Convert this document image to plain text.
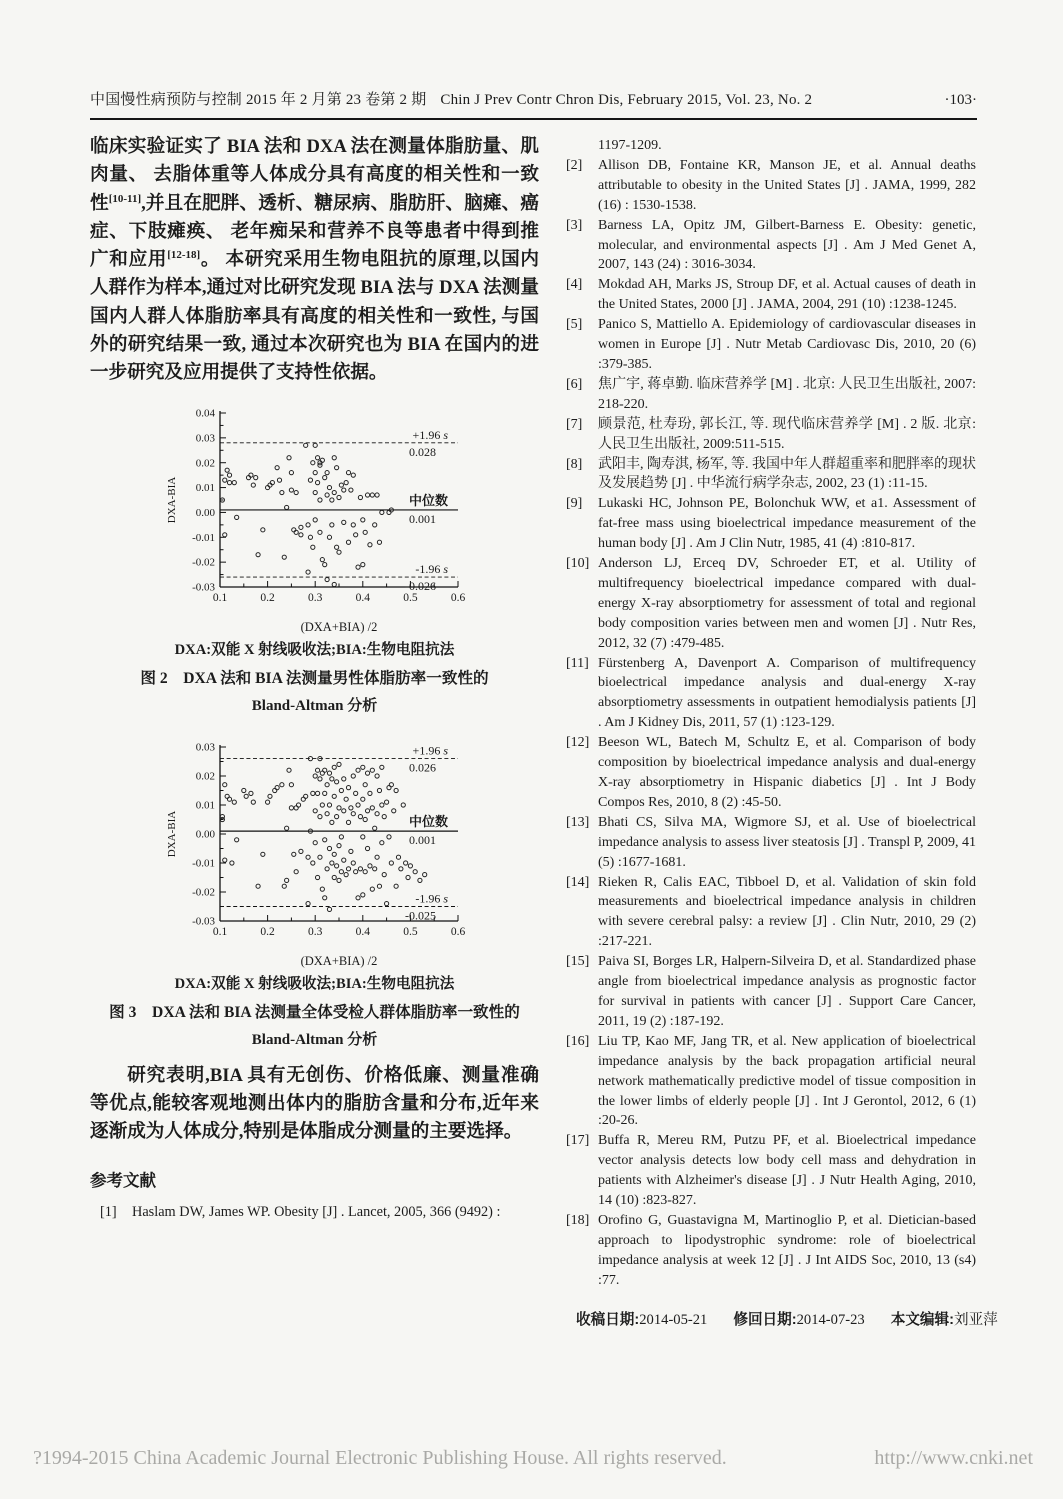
中国慢性病预防与控制 2015 年 2 月第 23 卷第 2 期 Chin J Prev Contr Chron Dis, February 2015, Vol. 23, No. 2	·103·

临床实验证实了 BIA 法和 DXA 法在测量体脂肪量、肌肉量、 去脂体重等人体成分具有高度的相关性和一致性[10-11],并且在肥胖、透析、糖尿病、脂肪肝、脑瘫、癌症、下肢瘫痪、 老年痴呆和营养不良等患者中得到推广和应用[12-18]。 本研究采用生物电阻抗的原理,以国内人群作为样本,通过对比研究发现 BIA 法与 DXA 法测量国内人群人体脂肪率具有高度的相关性和一致性, 与国外的研究结果一致, 通过本次研究也为 BIA 在国内的进一步研究及应用提供了支持性依据。

-0.03
-0.02
-0.01
0.00
0.01
0.02
0.03
0.04
0.1	0.2	0.3	0.4	0.5	0.6
+1.96 s
0.028
中位数
0.001
-1.96 s
-0.026
DXA-BIA
(DXA+BIA) /2
DXA:双能 X 射线吸收法;BIA:生物电阻抗法
图 2　DXA 法和 BIA 法测量男性体脂肪率一致性的
Bland-Altman 分析
-0.03
-0.02
-0.01
0.00
0.01
0.02
0.03
0.1	0.2	0.3	0.4	0.5	0.6
+1.96 s
0.026
中位数
0.001
-1.96 s
-0.025
DXA-BIA
(DXA+BIA) /2
DXA:双能 X 射线吸收法;BIA:生物电阻抗法
图 3　DXA 法和 BIA 法测量全体受检人群体脂肪率一致性的
Bland-Altman 分析

研究表明,BIA 具有无创伤、价格低廉、测量准确等优点,能较客观地测出体内的脂肪含量和分布,近年来逐渐成为人体成分,特别是体脂成分测量的主要选择。

参考文献
[1]	Haslam DW, James WP. Obesity [J] . Lancet, 2005, 366 (9492) :
1197-1209.
[2]	Allison DB, Fontaine KR, Manson JE, et al. Annual deaths attributable to obesity in the United States [J] . JAMA, 1999, 282 (16) : 1530-1538.
[3]	Barness LA, Opitz JM, Gilbert-Barness E. Obesity: genetic, molecular, and environmental aspects [J] . Am J Med Genet A, 2007, 143 (24) : 3016-3034.
[4]	Mokdad AH, Marks JS, Stroup DF, et al. Actual causes of death in the United States, 2000 [J] . JAMA, 2004, 291 (10) :1238-1245.
[5]	Panico S, Mattiello A. Epidemiology of cardiovascular diseases in women in Europe [J] . Nutr Metab Cardiovasc Dis, 2010, 20 (6) :379-385.
[6]	焦广宇, 蒋卓勤. 临床营养学 [M] . 北京: 人民卫生出版社, 2007: 218-220.
[7]	顾景范, 杜寿玢, 郭长江, 等. 现代临床营养学 [M] . 2 版. 北京:人民卫生出版社, 2009:511-515.
[8]	武阳丰, 陶寿淇, 杨军, 等. 我国中年人群超重率和肥胖率的现状及发展趋势 [J] . 中华流行病学杂志, 2002, 23 (1) :11-15.
[9]	Lukaski HC, Johnson PE, Bolonchuk WW, et a1. Assessment of fat-free mass using bioelectrical impedance measurement of the human body [J] . Am J Clin Nutr, 1985, 41 (4) :810-817.
[10] Anderson LJ, Erceq DV, Schroeder ET, et al. Utility of multifrequency bioelectrical impedance compared with dual-energy X-ray absorptiometry for assessment of total and regional body composition varies between men and women [J] . Nutr Res, 2012, 32 (7) :479-485.
[11] Fürstenberg A, Davenport A. Comparison of multifrequency bioelectrical impedance analysis and dual-energy X-ray absorptiometry assessments in outpatient hemodialysis patients [J] . Am J Kidney Dis, 2011, 57 (1) :123-129.
[12] Beeson WL, Batech M, Schultz E, et al. Comparison of body composition by bioelectrical impedance analysis and dual-energy X-ray absorptiometry in Hispanic diabetics [J] . Int J Body Compos Res, 2010, 8 (2) :45-50.
[13] Bhati CS, Silva MA, Wigmore SJ, et al. Use of bioelectrical impedance analysis to assess liver steatosis [J] . Transpl P, 2009, 41 (5) :1677-1681.
[14] Rieken R, Calis EAC, Tibboel D, et al. Validation of skin fold measurements and bioelectrical impedance analysis in children with severe cerebral palsy: a review [J] . Clin Nutr, 2010, 29 (2) :217-221.
[15] Paiva SI, Borges LR, Halpern-Silveira D, et al. Standardized phase angle from bioelectrical impedance analysis as prognostic factor for survival in patients with cancer [J] . Support Care Cancer, 2011, 19 (2) :187-192.
[16] Liu TP, Kao MF, Jang TR, et al. New application of bioelectrical impedance analysis by the back propagation artificial neural network mathematically predictive model of tissue composition in the lower limbs of elderly people [J] . Int J Gerontol, 2012, 6 (1) :20-26.
[17] Buffa R, Mereu RM, Putzu PF, et al. Bioelectrical impedance vector analysis detects low body cell mass and dehydration in patients with Alzheimer's disease [J] . J Nutr Health Aging, 2010, 14 (10) :823-827.
[18] Orofino G, Guastavigna M, Martinoglio P, et al. Dietician-based approach to lipodystrophic syndrome: role of bioelectrical impedance analysis at week 12 [J] . J Int AIDS Soc, 2010, 13 (s4) :77.
收稿日期:2014-05-21 修回日期:2014-07-23 本文编辑:刘亚萍
?1994-2015 China Academic Journal Electronic Publishing House. All rights reserved.	http://www.cnki.net
